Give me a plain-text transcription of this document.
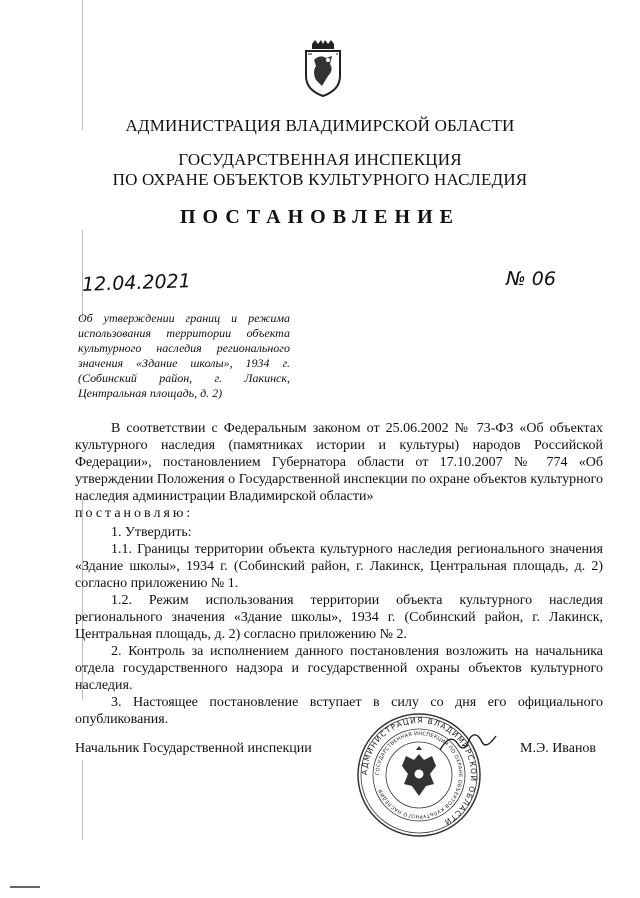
АДМИНИСТРАЦИЯ ВЛАДИМИРСКОЙ ОБЛАСТИ
ГОСУДАРСТВЕННАЯ ИНСПЕКЦИЯ
ПО ОХРАНЕ ОБЪЕКТОВ КУЛЬТУРНОГО НАСЛЕДИЯ
ПОСТАНОВЛЕНИЕ
12.04.2021	№ 06

Об утверждении границ и режима

использования территории объекта

культурного наследия регионального

значения «Здание школы», 1934 г.

(Собинский район, г. Лакинск,

Центральная площадь, д. 2)

В соответствии с Федеральным законом от 25.06.2002 № 73-ФЗ «Об объектах культурного наследия (памятниках истории и культуры) народов Российской Федерации», постановлением Губернатора области от 17.10.2007 № 774 «Об утверждении Положения о Государственной инспекции по охране объектов культурного наследия администрации Владимирской области»

постановляю:

1. Утвердить:

1.1. Границы территории объекта культурного наследия регионального значения «Здание школы», 1934 г. (Собинский район, г. Лакинск, Центральная площадь, д. 2) согласно приложению № 1.

1.2. Режим использования территории объекта культурного наследия регионального значения «Здание школы», 1934 г. (Собинский район, г. Лакинск, Центральная площадь, д. 2) согласно приложению № 2.

2. Контроль за исполнением данного постановления возложить на начальника отдела государственного надзора и государственной охраны объектов культурного наследия.

3. Настоящее постановление вступает в силу со дня его официального опубликования.

АДМИНИСТРАЦИЯ ВЛАДИМИРСКОЙ ОБЛАСТИ
ГОСУДАРСТВЕННАЯ ИНСПЕКЦИЯ ПО ОХРАНЕ ОБЪЕКТОВ КУЛЬТУРНОГО НАСЛЕДИЯ
Начальник Государственной инспекции	М.Э. Иванов
